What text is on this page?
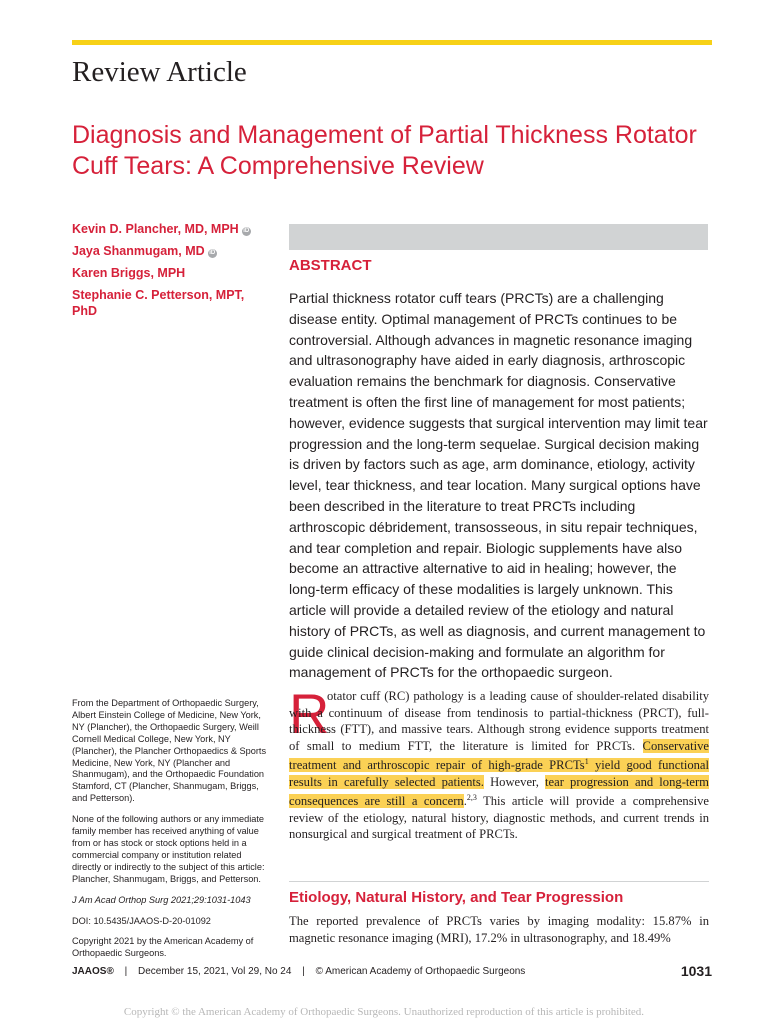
Review Article
Diagnosis and Management of Partial Thickness Rotator Cuff Tears: A Comprehensive Review
Kevin D. Plancher, MD, MPH iD
Jaya Shanmugam, MD iD
Karen Briggs, MPH
Stephanie C. Petterson, MPT, PhD
ABSTRACT
Partial thickness rotator cuff tears (PRCTs) are a challenging disease entity. Optimal management of PRCTs continues to be controversial. Although advances in magnetic resonance imaging and ultrasonography have aided in early diagnosis, arthroscopic evaluation remains the benchmark for diagnosis. Conservative treatment is often the first line of management for most patients; however, evidence suggests that surgical intervention may limit tear progression and the long-term sequelae. Surgical decision making is driven by factors such as age, arm dominance, etiology, activity level, tear thickness, and tear location. Many surgical options have been described in the literature to treat PRCTs including arthroscopic débridement, transosseous, in situ repair techniques, and tear completion and repair. Biologic supplements have also become an attractive alternative to aid in healing; however, the long-term efficacy of these modalities is largely unknown. This article will provide a detailed review of the etiology and natural history of PRCTs, as well as diagnosis, and current management to guide clinical decision-making and formulate an algorithm for management of PRCTs for the orthopaedic surgeon.

From the Department of Orthopaedic Surgery, Albert Einstein College of Medicine, New York, NY (Plancher), the Orthopaedic Surgery, Weill Cornell Medical College, New York, NY (Plancher), the Plancher Orthopaedics & Sports Medicine, New York, NY (Plancher and Shanmugam), and the Orthopaedic Foundation Stamford, CT (Plancher, Shanmugam, Briggs, and Petterson).

None of the following authors or any immediate family member has received anything of value from or has stock or stock options held in a commercial company or institution related directly or indirectly to the subject of this article: Plancher, Shanmugam, Briggs, and Petterson.

J Am Acad Orthop Surg 2021;29:1031-1043

DOI: 10.5435/JAAOS-D-20-01092

Copyright 2021 by the American Academy of Orthopaedic Surgeons.

R
otator cuff (RC) pathology is a leading cause of shoulder-related disability with a continuum of disease from tendinosis to partial-thickness (PRCT), full-thickness (FTT), and massive tears. Although strong evidence supports treatment of small to medium FTT, the literature is limited for PRCTs. Conservative treatment and arthroscopic repair of high-grade PRCTs$^1$ yield good functional results in carefully selected patients. However, tear progression and long-term consequences are still a concern.$^{2,3}$ This article will provide a comprehensive review of the etiology, natural history, diagnostic methods, and current trends in nonsurgical and surgical treatment of PRCTs.
Etiology, Natural History, and Tear Progression
The reported prevalence of PRCTs varies by imaging modality: 15.87% in magnetic resonance imaging (MRI), 17.2% in ultrasonography, and 18.49%
JAAOS® | December 15, 2021, Vol 29, No 24 | © American Academy of Orthopaedic Surgeons	1031
Copyright © the American Academy of Orthopaedic Surgeons. Unauthorized reproduction of this article is prohibited.
